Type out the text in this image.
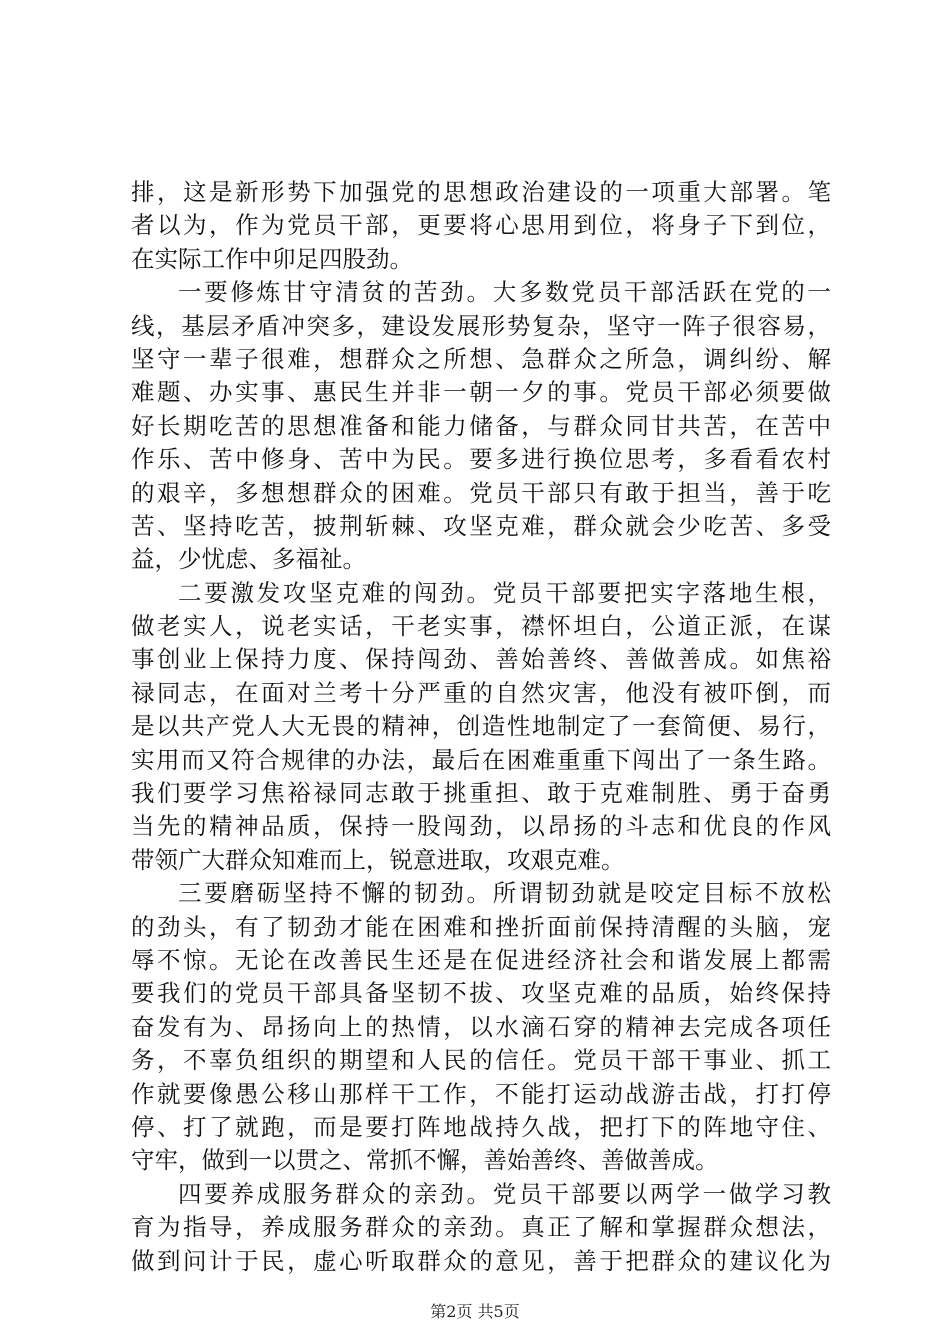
排，这是新形势下加强党的思想政治建设的一项重大部署。笔
者以为，作为党员干部，更要将心思用到位，将身子下到位，
在实际工作中卯足四股劲。
一要修炼甘守清贫的苦劲。大多数党员干部活跃在党的一
线，基层矛盾冲突多，建设发展形势复杂，坚守一阵子很容易，
坚守一辈子很难，想群众之所想、急群众之所急，调纠纷、解
难题、办实事、惠民生并非一朝一夕的事。党员干部必须要做
好长期吃苦的思想准备和能力储备，与群众同甘共苦，在苦中
作乐、苦中修身、苦中为民。要多进行换位思考，多看看农村
的艰辛，多想想群众的困难。党员干部只有敢于担当，善于吃
苦、坚持吃苦，披荆斩棘、攻坚克难，群众就会少吃苦、多受
益，少忧虑、多福祉。
二要激发攻坚克难的闯劲。党员干部要把实字落地生根，
做老实人，说老实话，干老实事，襟怀坦白，公道正派，在谋
事创业上保持力度、保持闯劲、善始善终、善做善成。如焦裕
禄同志，在面对兰考十分严重的自然灾害，他没有被吓倒，而
是以共产党人大无畏的精神，创造性地制定了一套简便、易行，
实用而又符合规律的办法，最后在困难重重下闯出了一条生路。
我们要学习焦裕禄同志敢于挑重担、敢于克难制胜、勇于奋勇
当先的精神品质，保持一股闯劲，以昂扬的斗志和优良的作风
带领广大群众知难而上，锐意进取，攻艰克难。
三要磨砺坚持不懈的韧劲。所谓韧劲就是咬定目标不放松
的劲头，有了韧劲才能在困难和挫折面前保持清醒的头脑，宠
辱不惊。无论在改善民生还是在促进经济社会和谐发展上都需
要我们的党员干部具备坚韧不拔、攻坚克难的品质，始终保持
奋发有为、昂扬向上的热情，以水滴石穿的精神去完成各项任
务，不辜负组织的期望和人民的信任。党员干部干事业、抓工
作就要像愚公移山那样干工作，不能打运动战游击战，打打停
停、打了就跑，而是要打阵地战持久战，把打下的阵地守住、
守牢，做到一以贯之、常抓不懈，善始善终、善做善成。
四要养成服务群众的亲劲。党员干部要以两学一做学习教
育为指导，养成服务群众的亲劲。真正了解和掌握群众想法，
做到问计于民，虚心听取群众的意见，善于把群众的建议化为
第2页 共5页
